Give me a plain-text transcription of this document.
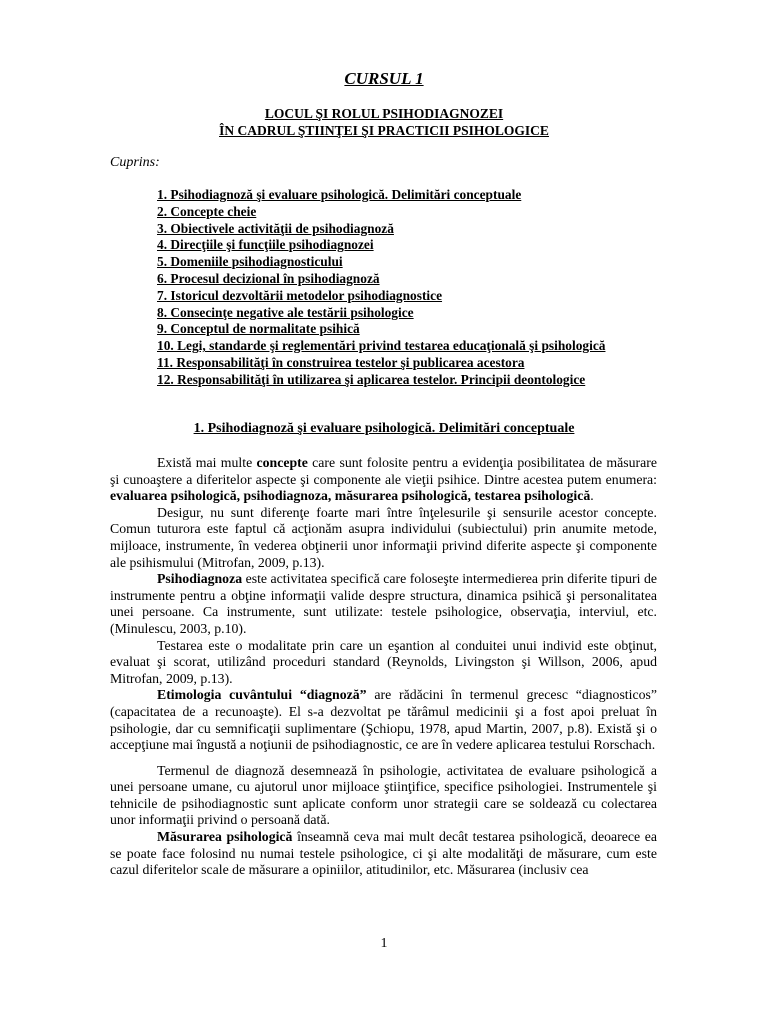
CURSUL 1
LOCUL ŞI ROLUL PSIHODIAGNOZEI
ÎN CADRUL ŞTIINŢEI ŞI PRACTICII PSIHOLOGICE
Cuprins:
1. Psihodiagnoză şi evaluare psihologică. Delimitări conceptuale
2. Concepte cheie
3. Obiectivele activităţii de psihodiagnoză
4. Direcţiile şi funcţiile psihodiagnozei
5. Domeniile psihodiagnosticului
6. Procesul decizional în psihodiagnoză
7. Istoricul dezvoltării metodelor psihodiagnostice
8. Consecinţe negative ale testării psihologice
9. Conceptul de normalitate psihică
10. Legi, standarde şi reglementări privind testarea educaţională şi psihologică
11. Responsabilităţi în construirea testelor şi publicarea acestora
12. Responsabilităţi în utilizarea şi aplicarea testelor. Principii deontologice
1. Psihodiagnoză şi evaluare psihologică. Delimitări conceptuale

Există mai multe concepte care sunt folosite pentru a evidenţia posibilitatea de măsurare şi cunoaştere a diferitelor aspecte şi componente ale vieţii psihice. Dintre acestea putem enumera: evaluarea psihologică, psihodiagnoza, măsurarea psihologică, testarea psihologică.

Desigur, nu sunt diferenţe foarte mari între înţelesurile şi sensurile acestor concepte. Comun tuturora este faptul că acţionăm asupra individului (subiectului) prin anumite metode, mijloace, instrumente, în vederea obţinerii unor informaţii privind diferite aspecte şi componente ale psihismului (Mitrofan, 2009, p.13).

Psihodiagnoza este activitatea specifică care foloseşte intermedierea prin diferite tipuri de instrumente pentru a obţine informaţii valide despre structura, dinamica psihică şi personalitatea unei persoane. Ca instrumente, sunt utilizate: testele psihologice, observaţia, interviul, etc. (Minulescu, 2003, p.10).

Testarea este o modalitate prin care un eşantion al conduitei unui individ este obţinut, evaluat şi scorat, utilizând proceduri standard (Reynolds, Livingston şi Willson, 2006, apud Mitrofan, 2009, p.13).

Etimologia cuvântului “diagnoză” are rădăcini în termenul grecesc “diagnosticos” (capacitatea de a recunoaşte). El s-a dezvoltat pe tărâmul medicinii şi a fost apoi preluat în psihologie, dar cu semnificaţii suplimentare (Şchiopu, 1978, apud Martin, 2007, p.8). Există şi o accepţiune mai îngustă a noţiunii de psihodiagnostic, ce are în vedere aplicarea testului Rorschach.

Termenul de diagnoză desemnează în psihologie, activitatea de evaluare psihologică a unei persoane umane, cu ajutorul unor mijloace ştiinţifice, specifice psihologiei. Instrumentele şi tehnicile de psihodiagnostic sunt aplicate conform unor strategii care se soldează cu colectarea unor informaţii privind o persoană dată.

Măsurarea psihologică înseamnă ceva mai mult decât testarea psihologică, deoarece ea se poate face folosind nu numai testele psihologice, ci şi alte modalităţi de măsurare, cum este cazul diferitelor scale de măsurare a opiniilor, atitudinilor, etc. Măsurarea (inclusiv cea

1
